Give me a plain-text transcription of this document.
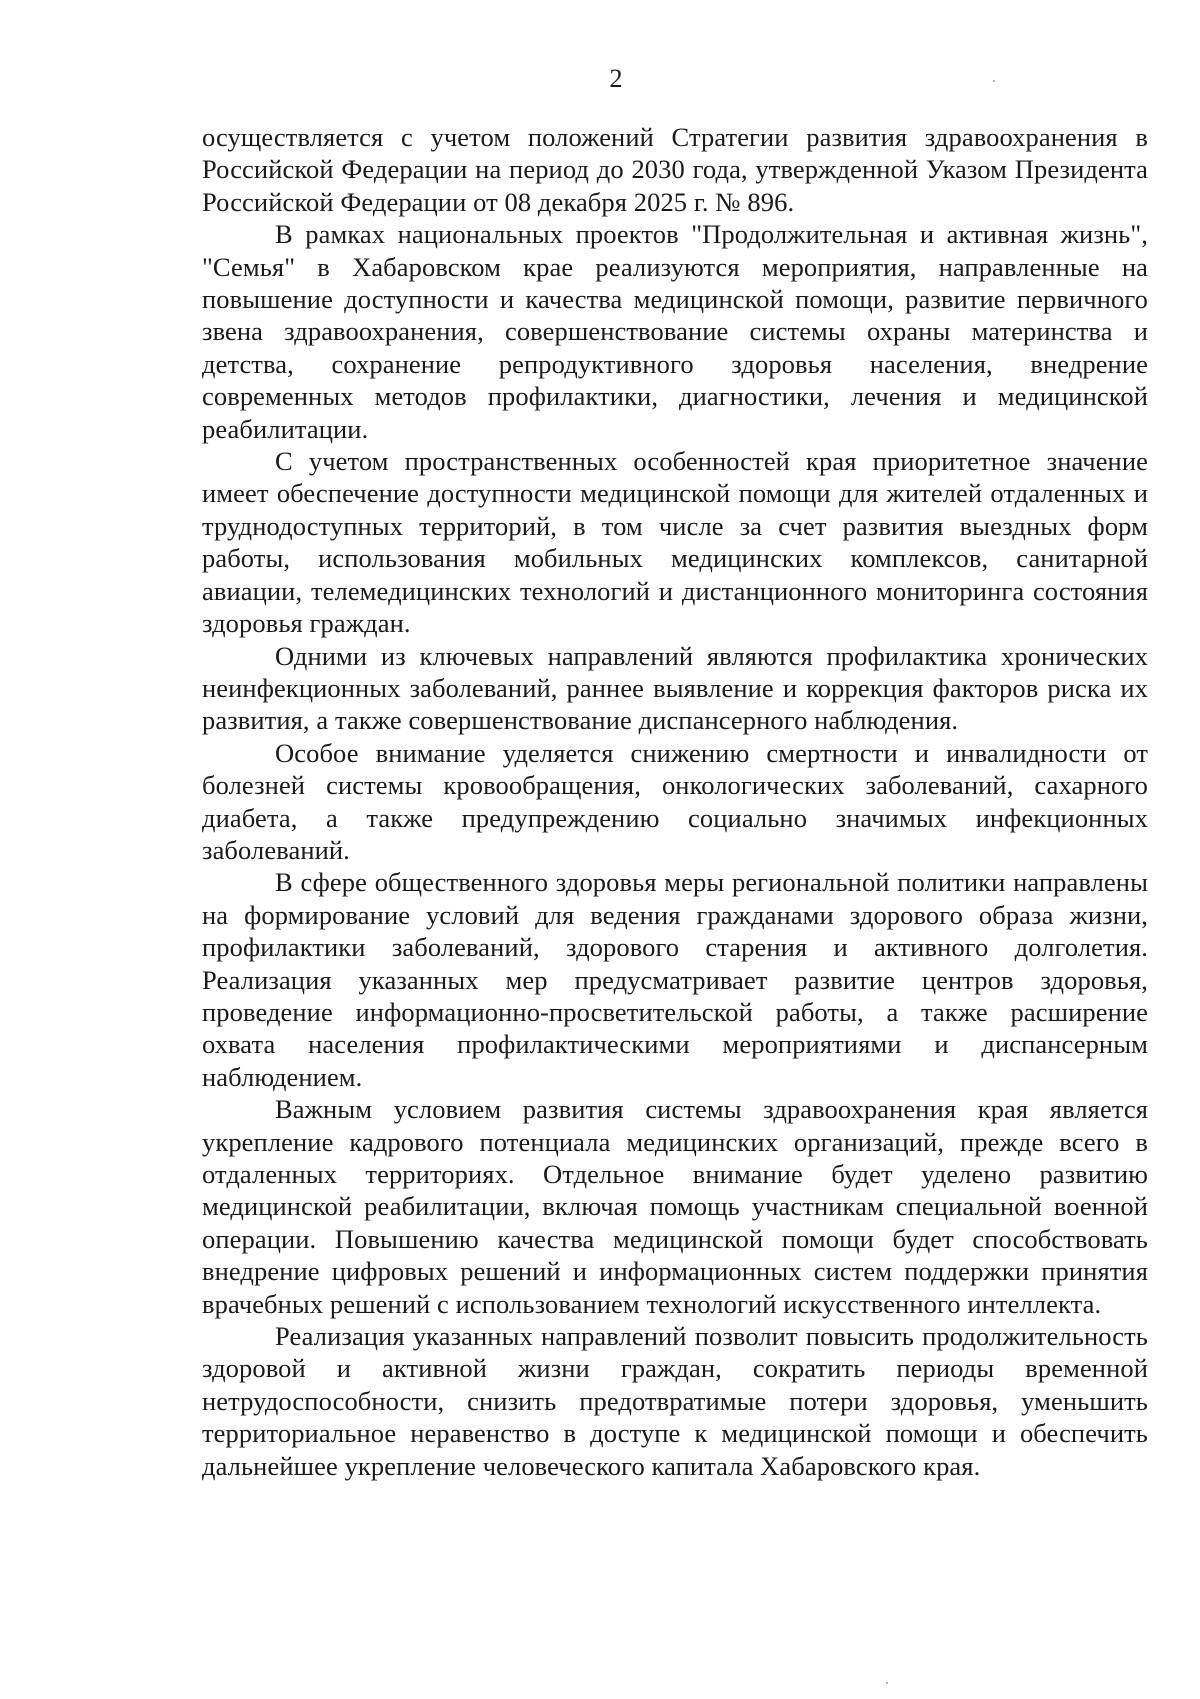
2

осуществляется с учетом положений Стратегии развития здравоохранения в Российской Федерации на период до 2030 года, утвержденной Указом Президента Российской Федерации от 08 декабря 2025 г. № 896.

В рамках национальных проектов "Продолжительная и активная жизнь", "Семья" в Хабаровском крае реализуются мероприятия, направленные на повышение доступности и качества медицинской помощи, развитие первичного звена здравоохранения, совершенствование системы охраны материнства и детства, сохранение репродуктивного здоровья населения, внедрение современных методов профилактики, диагностики, лечения и медицинской реабилитации.

С учетом пространственных особенностей края приоритетное значение имеет обеспечение доступности медицинской помощи для жителей отдаленных и труднодоступных территорий, в том числе за счет развития выездных форм работы, использования мобильных медицинских комплексов, санитарной авиации, телемедицинских технологий и дистанционного мониторинга состояния здоровья граждан.

Одними из ключевых направлений являются профилактика хронических неинфекционных заболеваний, раннее выявление и коррекция факторов риска их развития, а также совершенствование диспансерного наблюдения.

Особое внимание уделяется снижению смертности и инвалидности от болезней системы кровообращения, онкологических заболеваний, сахарного диабета, а также предупреждению социально значимых инфекционных заболеваний.

В сфере общественного здоровья меры региональной политики направлены на формирование условий для ведения гражданами здорового образа жизни, профилактики заболеваний, здорового старения и активного долголетия. Реализация указанных мер предусматривает развитие центров здоровья, проведение информационно-просветительской работы, а также расширение охвата населения профилактическими мероприятиями и диспансерным наблюдением.

Важным условием развития системы здравоохранения края является укрепление кадрового потенциала медицинских организаций, прежде всего в отдаленных территориях. Отдельное внимание будет уделено развитию медицинской реабилитации, включая помощь участникам специальной военной операции. Повышению качества медицинской помощи будет способствовать внедрение цифровых решений и информационных систем поддержки принятия врачебных решений с использованием технологий искусственного интеллекта.

Реализация указанных направлений позволит повысить продолжительность здоровой и активной жизни граждан, сократить периоды временной нетрудоспособности, снизить предотвратимые потери здоровья, уменьшить территориальное неравенство в доступе к медицинской помощи и обеспечить дальнейшее укрепление человеческого капитала Хабаровского края.
